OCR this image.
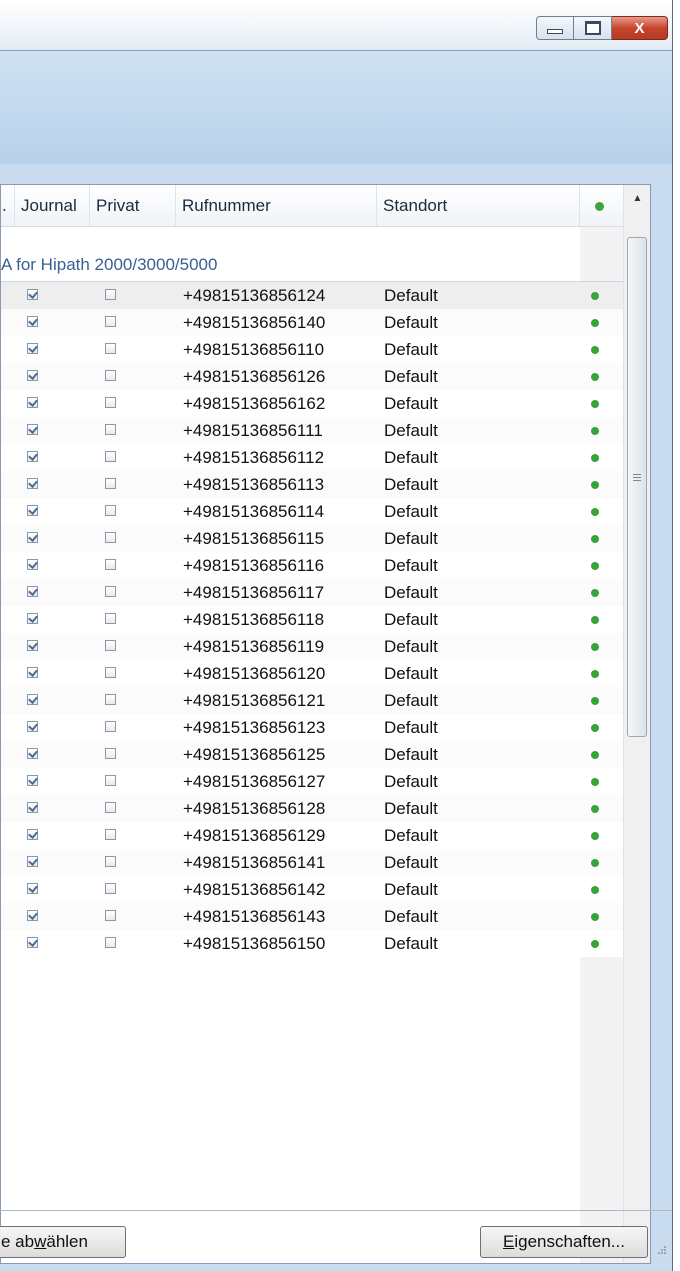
X
. Journal	Privat	Rufnummer	Standort
A for Hipath 2000/3000/5000
+49815136856124	Default
+49815136856140	Default
+49815136856110	Default
+49815136856126	Default
+49815136856162	Default
+49815136856111	Default
+49815136856112	Default
+49815136856113	Default
+49815136856114	Default
+49815136856115	Default
+49815136856116	Default
+49815136856117	Default
+49815136856118	Default
+49815136856119	Default
+49815136856120	Default
+49815136856121	Default
+49815136856123	Default
+49815136856125	Default
+49815136856127	Default
+49815136856128	Default
+49815136856129	Default
+49815136856141	Default
+49815136856142	Default
+49815136856143	Default
+49815136856150	Default
▲
e abwählen	Eigenschaften...
